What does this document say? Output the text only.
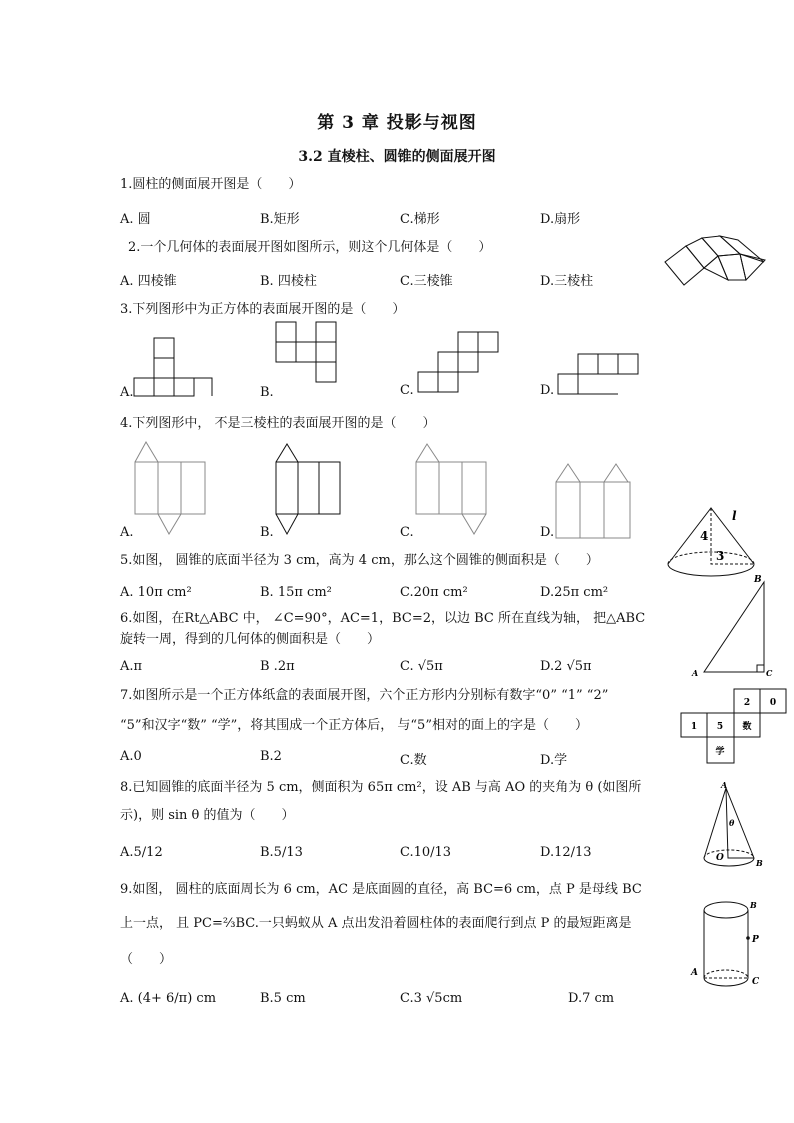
第 3 章 投影与视图
3.2 直棱柱、圆锥的侧面展开图
1.圆柱的侧面展开图是（　　）
A. 圆	B.矩形	C.梯形	D.扇形
2.一个几何体的表面展开图如图所示，则这个几何体是（　　）
A. 四棱锥	B. 四棱柱	C.三棱锥	D.三棱柱
3.下列图形中为正方体的表面展开图的是（　　）
A.	B.	C.	D.
4.下列图形中， 不是三棱柱的表面展开图的是（　　）
A.	B.	C.	D.
5.如图， 圆锥的底面半径为 3 cm，高为 4 cm，那么这个圆锥的侧面积是（　　）
A. 10π cm²	B. 15π cm²	C.20π cm²	D.25π cm²
4
3
l
6.如图，在Rt△ABC 中， ∠C=90°，AC=1，BC=2，以边 BC 所在直线为轴， 把△ABC
旋转一周，得到的几何体的侧面积是（　　）
A.π	B .2π	C. √5π	D.2 √5π	A
B
C
7.如图所示是一个正方体纸盒的表面展开图，六个正方形内分别标有数字“0” “1” “2”
“5”和汉字“数” “学”，将其围成一个正方体后， 与“5”相对的面上的字是（　　）
A.0	B.2	C.数	D.学
2 0
1 5 数
学
8.已知圆锥的底面半径为 5 cm，侧面积为 65π cm²，设 AB 与高 AO 的夹角为 θ (如图所
示)，则 sin θ 的值为（　　）
A.5/12	B.5/13	C.10/13	D.12/13
A
θ
O	B
9.如图， 圆柱的底面周长为 6 cm，AC 是底面圆的直径，高 BC=6 cm，点 P 是母线 BC
上一点， 且 PC=⅔BC.一只蚂蚁从 A 点出发沿着圆柱体的表面爬行到点 P 的最短距离是
（　　）
A. (4+ 6/π) cm	B.5 cm	C.3 √5cm	D.7 cm
B
P
A
C
